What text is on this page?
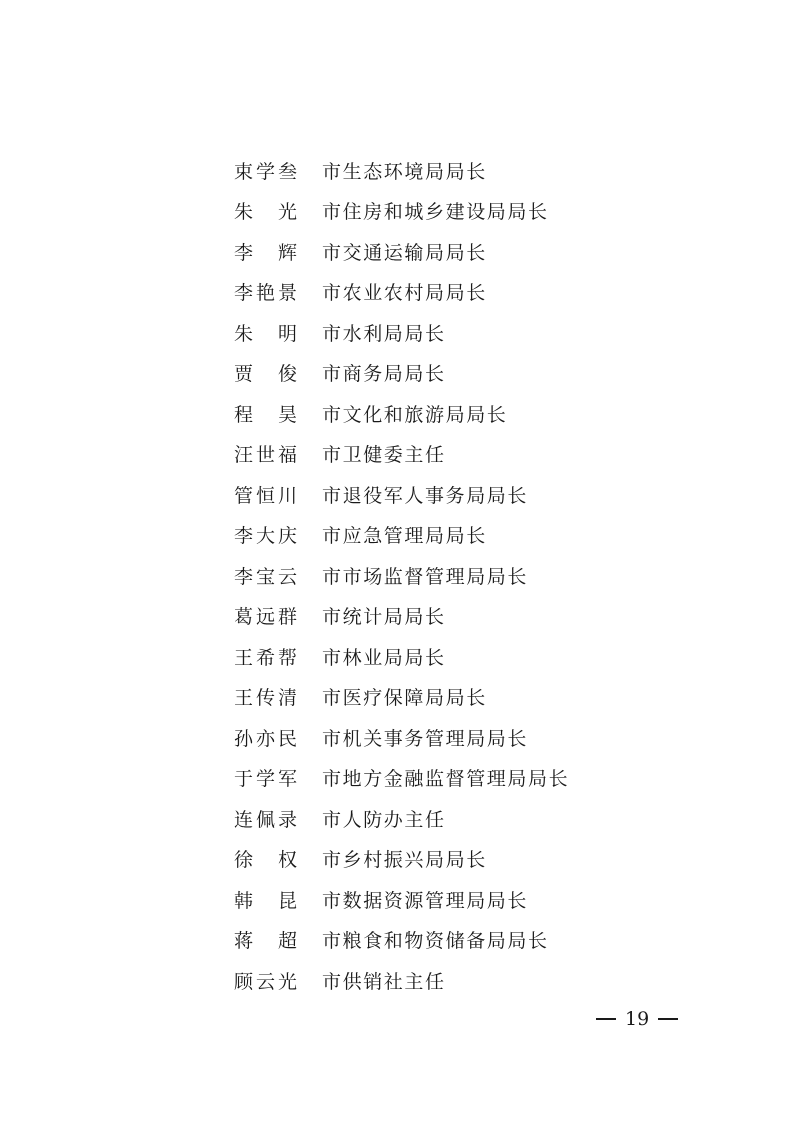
束 学 叁 市生态环境局局长
朱 光 市住房和城乡建设局局长
李 辉 市交通运输局局长
李 艳 景 市农业农村局局长
朱 明 市水利局局长
贾 俊 市商务局局长
程 昊 市文化和旅游局局长
汪 世 福 市卫健委主任
管 恒 川 市退役军人事务局局长
李 大 庆 市应急管理局局长
李 宝 云 市市场监督管理局局长
葛 远 群 市统计局局长
王 希 帮 市林业局局长
王 传 清 市医疗保障局局长
孙 亦 民 市机关事务管理局局长
于 学 军 市地方金融监督管理局局长
连 佩 录 市人防办主任
徐 权 市乡村振兴局局长
韩 昆 市数据资源管理局局长
蒋 超 市粮食和物资储备局局长
顾 云 光 市供销社主任
19
